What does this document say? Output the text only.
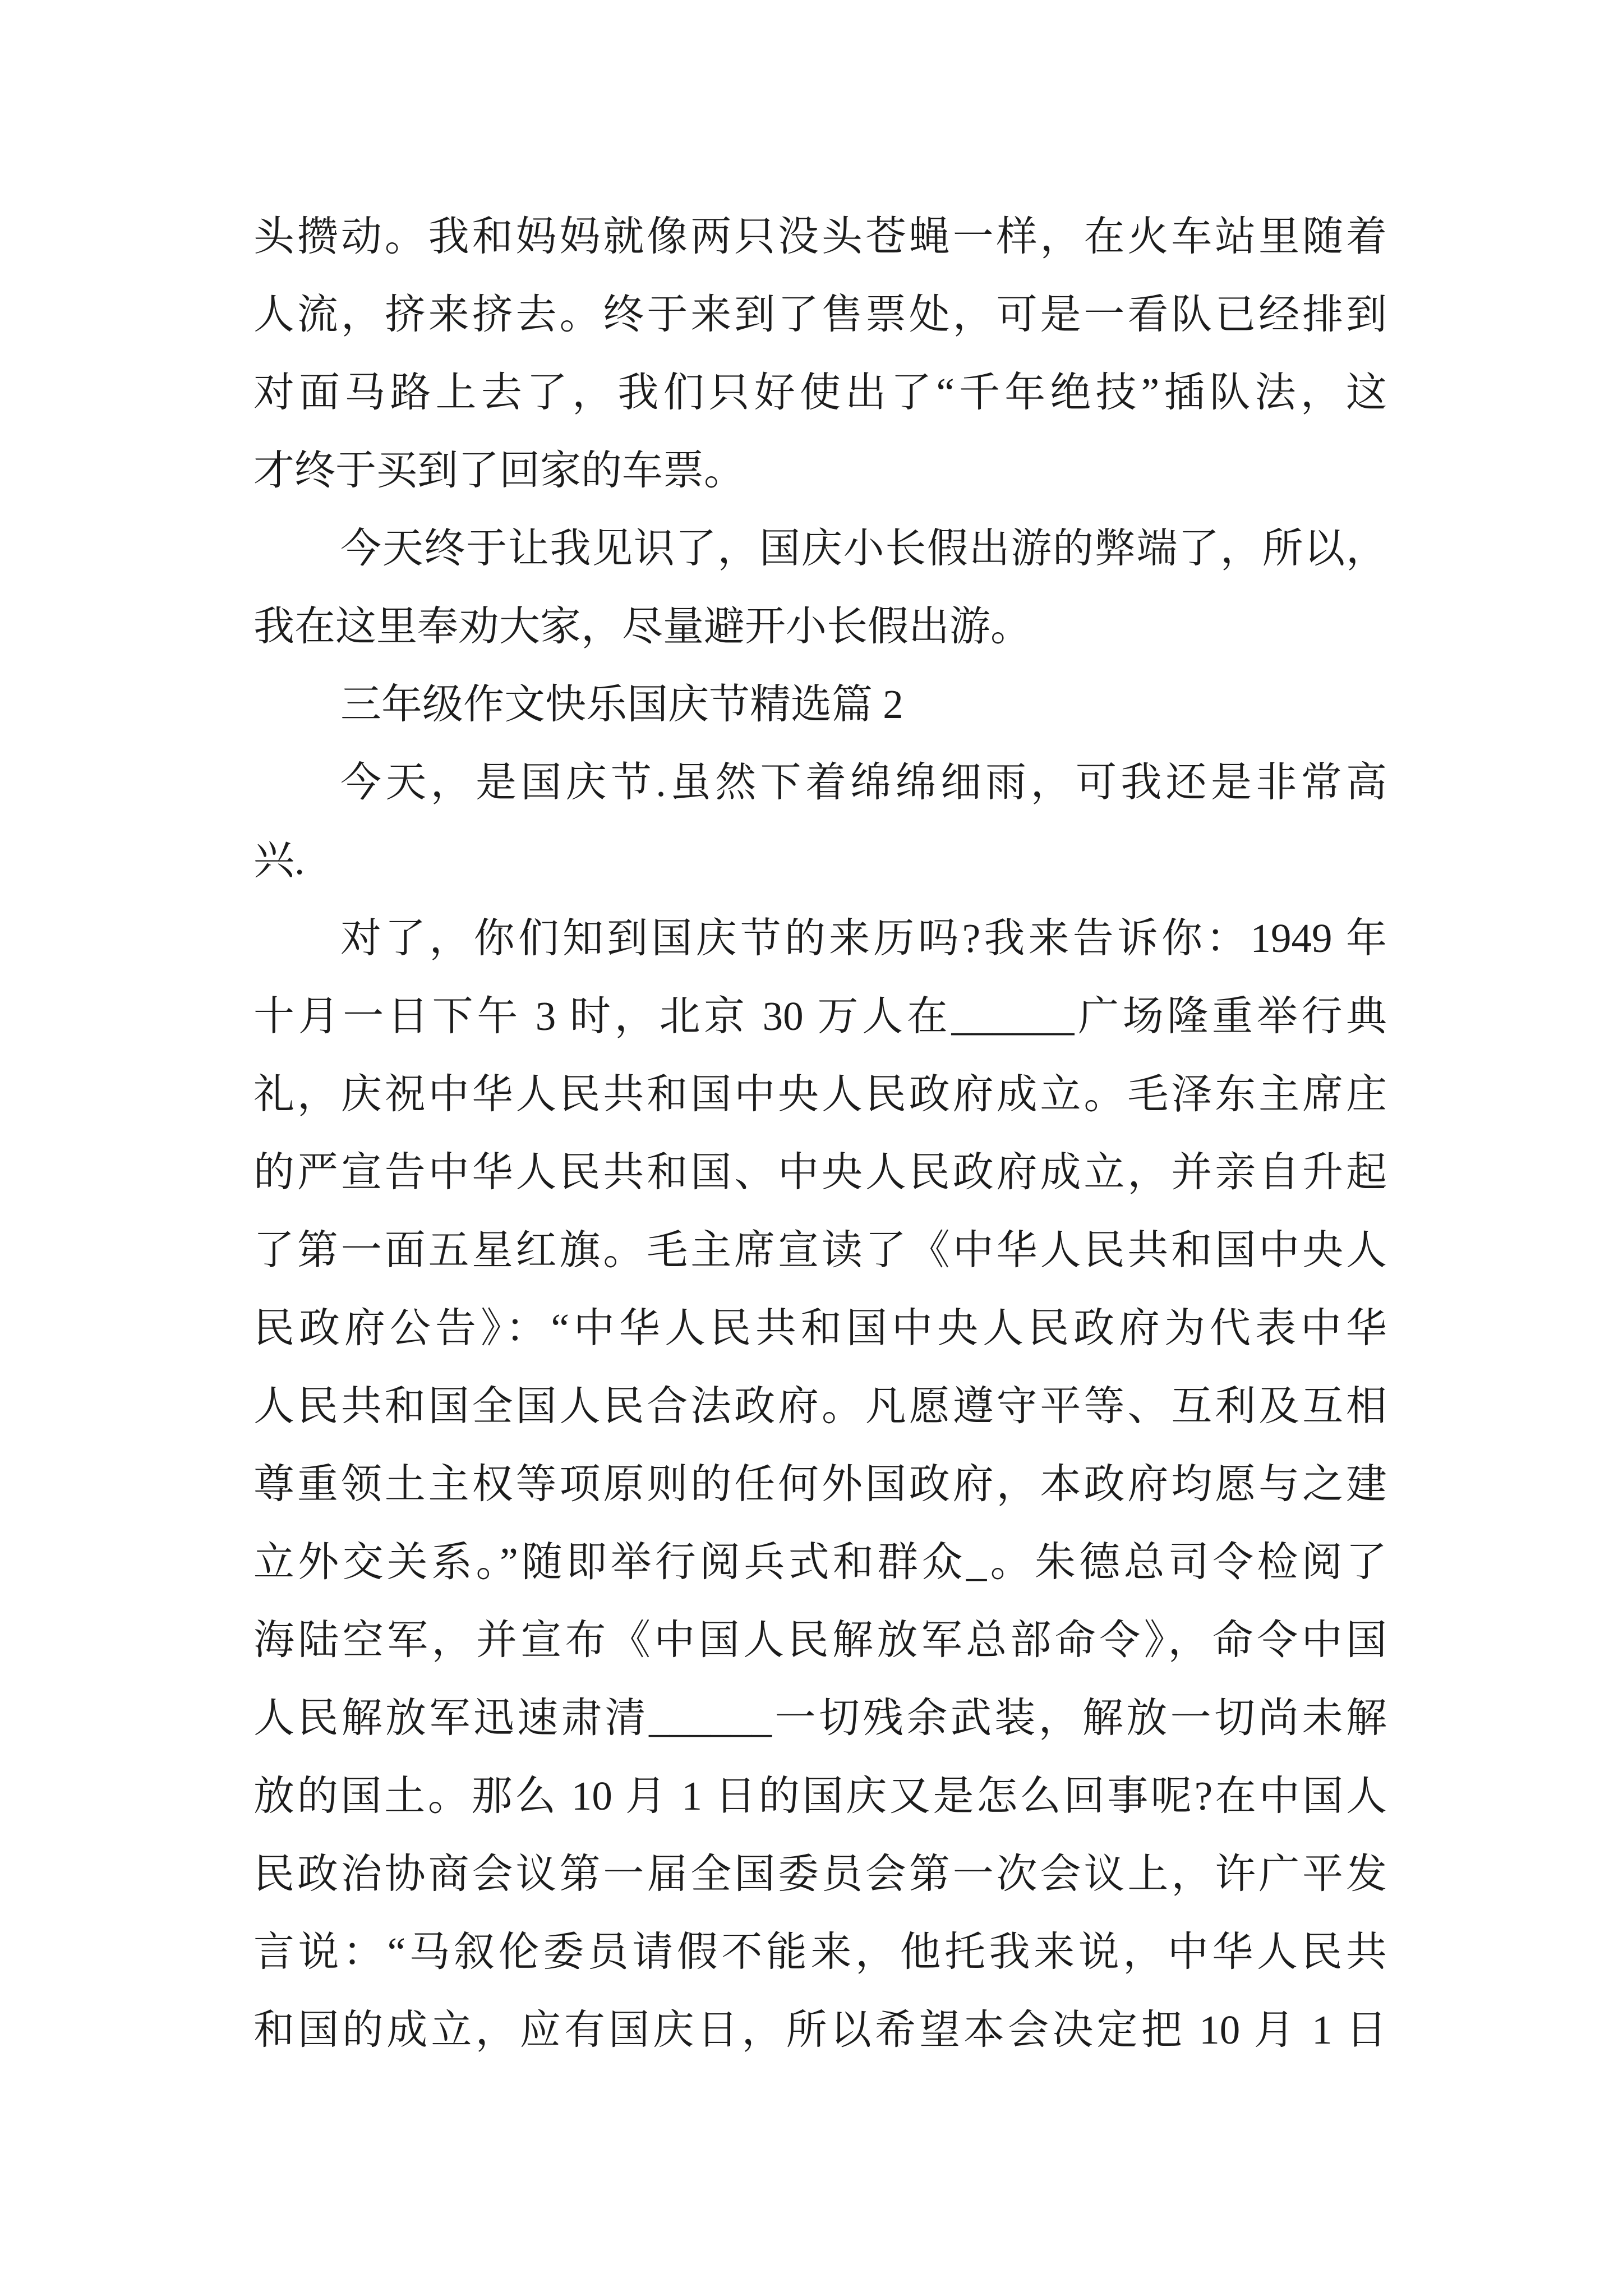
头攒动。我和妈妈就像两只没头苍蝇一样，在火车站里随着
人流，挤来挤去。终于来到了售票处，可是一看队已经排到
对面马路上去了，我们只好使出了“千年绝技”插队法，这
才终于买到了回家的车票。
今天终于让我见识了，国庆小长假出游的弊端了，所以，
我在这里奉劝大家，尽量避开小长假出游。
三年级作文快乐国庆节精选篇 2
今天，是国庆节.虽然下着绵绵细雨，可我还是非常高
兴.
对了，你们知到国庆节的来历吗?我来告诉你：1949 年
十月一日下午 3 时，北京 30 万人在______广场隆重举行典
礼，庆祝中华人民共和国中央人民政府成立。毛泽东主席庄
的严宣告中华人民共和国、中央人民政府成立，并亲自升起
了第一面五星红旗。毛主席宣读了《中华人民共和国中央人
民政府公告》：“中华人民共和国中央人民政府为代表中华
人民共和国全国人民合法政府。凡愿遵守平等、互利及互相
尊重领土主权等项原则的任何外国政府，本政府均愿与之建
立外交关系。”随即举行阅兵式和群众_。朱德总司令检阅了
海陆空军，并宣布《中国人民解放军总部命令》，命令中国
人民解放军迅速肃清______一切残余武装，解放一切尚未解
放的国土。那么 10 月 1 日的国庆又是怎么回事呢?在中国人
民政治协商会议第一届全国委员会第一次会议上，许广平发
言说：“马叙伦委员请假不能来，他托我来说，中华人民共
和国的成立，应有国庆日，所以希望本会决定把 10 月 1 日
